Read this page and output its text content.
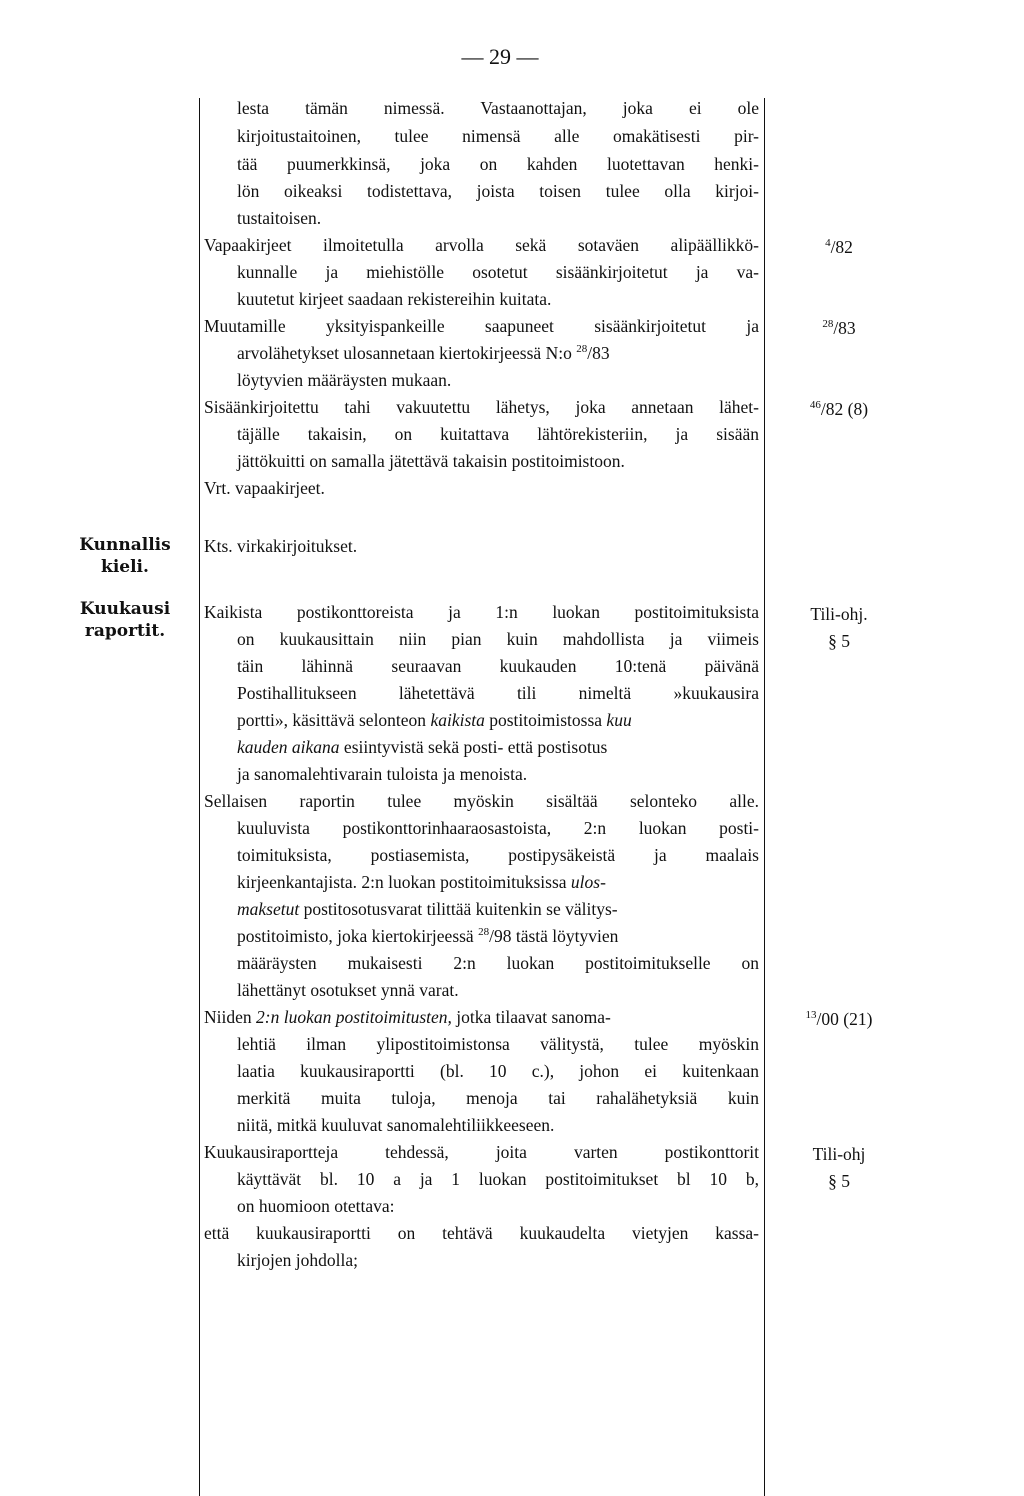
— 29 —
lesta tämän nimessä. Vastaanottajan, joka ei ole
kirjoitustaitoinen, tulee nimensä alle omakätisesti pir-
tää puumerkkinsä, joka on kahden luotettavan henki-
lön oikeaksi todistettava, joista toisen tulee olla kirjoi-
tustaitoisen.
Vapaakirjeet ilmoitetulla arvolla sekä sotaväen alipäällikkö-
kunnalle ja miehistölle osotetut sisäänkirjoitetut ja va-
kuutetut kirjeet saadaan rekistereihin kuitata.
$^4$/82
Muutamille yksityispankeille saapuneet sisäänkirjoitetut ja
arvolähetykset ulosannetaan kiertokirjeessä N:o $^{28}$/83
löytyvien määräysten mukaan.
$^{28}$/83
Sisäänkirjoitettu tahi vakuutettu lähetys, joka annetaan lähet-
täjälle takaisin, on kuitattava lähtörekisteriin, ja sisään
jättökuitti on samalla jätettävä takaisin postitoimistoon.
Vrt. vapaakirjeet.
$^{46}$/82 (8)
Kunnallis
kieli.
Kts. virkakirjoitukset.
Kuukausi
raportit.
Kaikista postikonttoreista ja 1:n luokan postitoimituksista
on kuukausittain niin pian kuin mahdollista ja viimeis
täin lähinnä seuraavan kuukauden 10:tenä päivänä
Postihallitukseen lähetettävä tili nimeltä »kuukausira
portti», käsittävä selonteon kaikista postitoimistossa kuu
kauden aikana esiintyvistä sekä posti- että postisotus
ja sanomalehtivarain tuloista ja menoista.
Tili-ohj.
§ 5
Sellaisen raportin tulee myöskin sisältää selonteko alle.
kuuluvista postikonttorinhaaraosastoista, 2:n luokan posti-
toimituksista, postiasemista, postipysäkeistä ja maalais
kirjeenkantajista. 2:n luokan postitoimituksissa ulos-
maksetut postitosotusvarat tilittää kuitenkin se välitys-
postitoimisto, joka kiertokirjeessä $^{28}$/98 tästä löytyvien
määräysten mukaisesti 2:n luokan postitoimitukselle on
lähettänyt osotukset ynnä varat.
Niiden 2:n luokan postitoimitusten, jotka tilaavat sanoma-
lehtiä ilman ylipostitoimistonsa välitystä, tulee myöskin
laatia kuukausiraportti (bl. 10 c.), johon ei kuitenkaan
merkitä muita tuloja, menoja tai rahalähetyksiä kuin
niitä, mitkä kuuluvat sanomalehtiliikkeeseen.
$^{13}$/00 (21)
Kuukausiraportteja tehdessä, joita varten postikonttorit
käyttävät bl. 10 a ja 1 luokan postitoimitukset bl 10 b,
on huomioon otettava:
että kuukausiraportti on tehtävä kuukaudelta vietyjen kassa-
kirjojen johdolla;
Tili-ohj
§ 5
